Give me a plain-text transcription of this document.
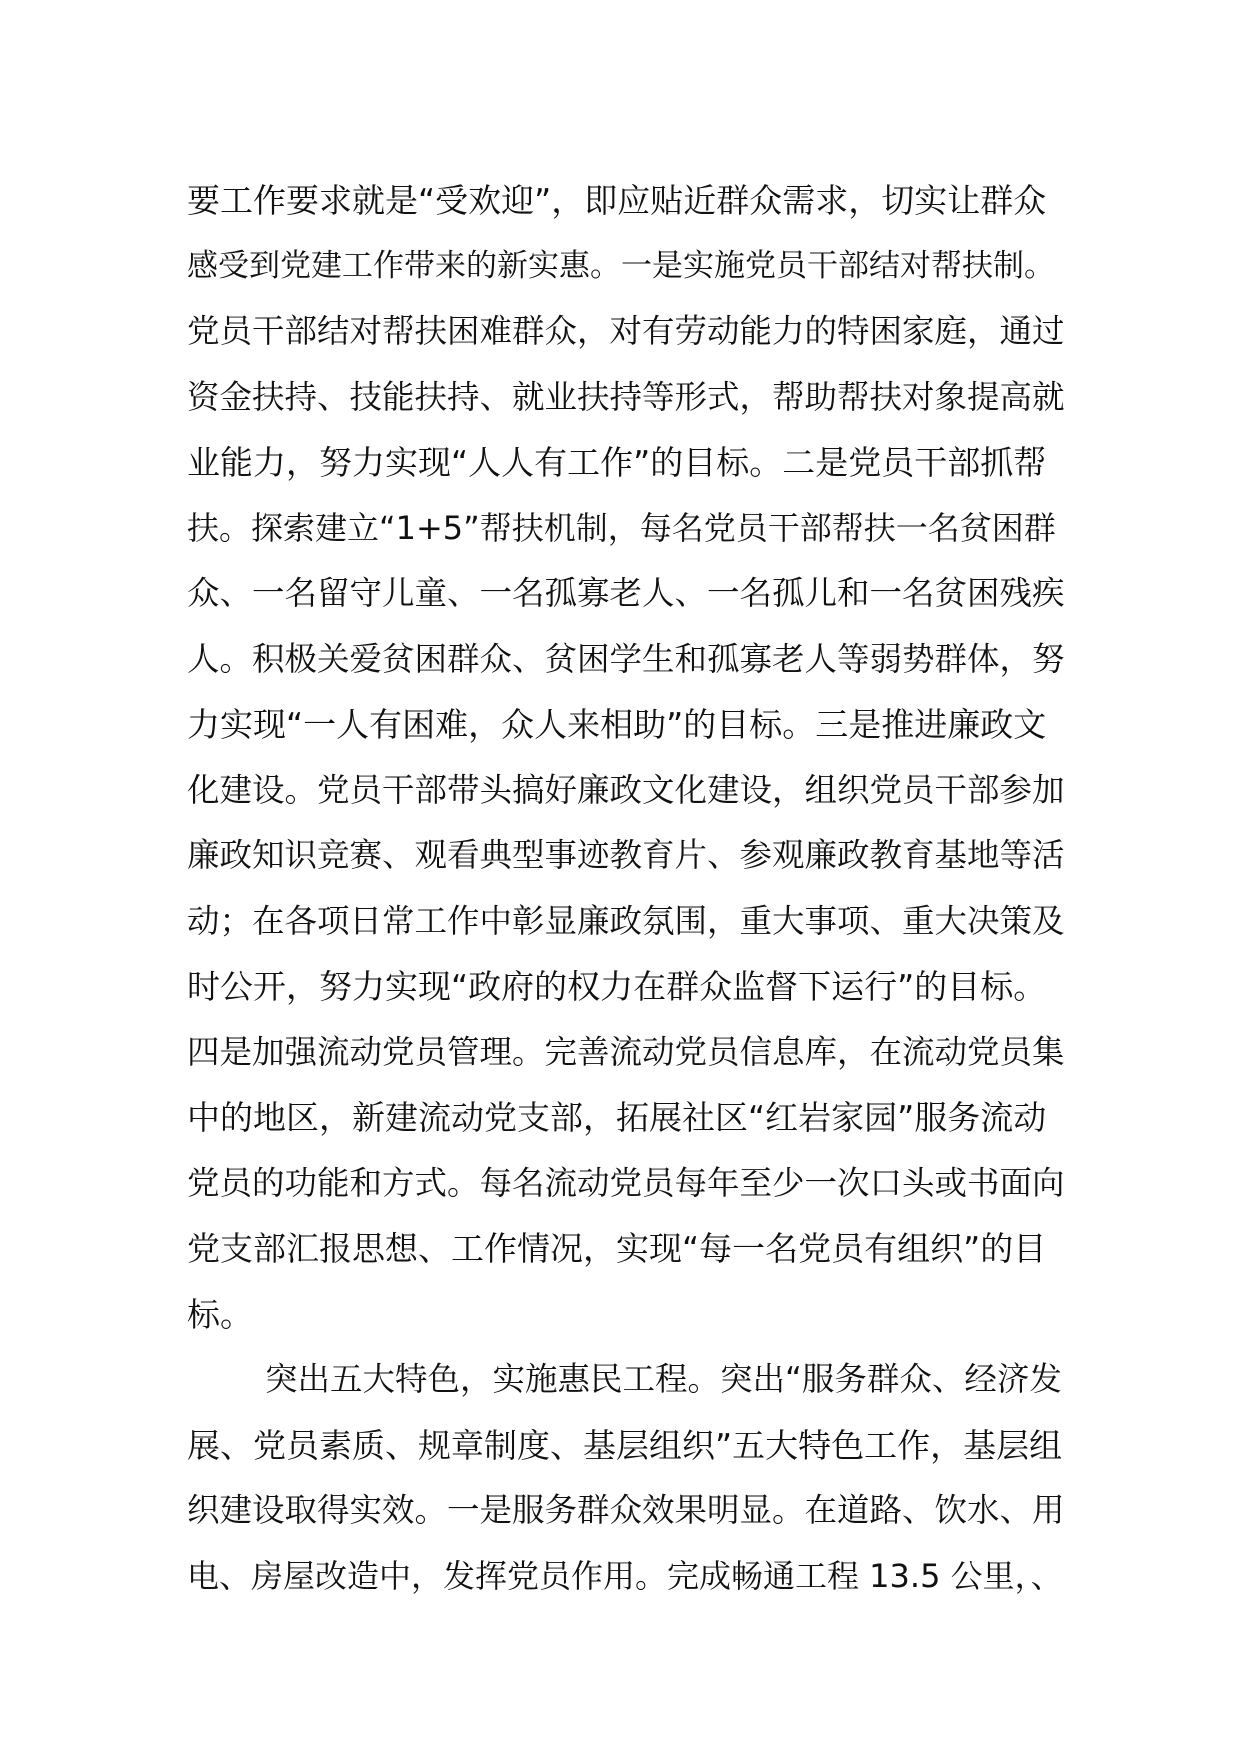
要工作要求就是“受欢迎”，即应贴近群众需求，切实让群众
感受到党建工作带来的新实惠。一是实施党员干部结对帮扶制。
党员干部结对帮扶困难群众，对有劳动能力的特困家庭，通过
资金扶持、技能扶持、就业扶持等形式，帮助帮扶对象提高就
业能力，努力实现“人人有工作”的目标。二是党员干部抓帮
扶。探索建立“1+5”帮扶机制，每名党员干部帮扶一名贫困群
众、一名留守儿童、一名孤寡老人、一名孤儿和一名贫困残疾
人。积极关爱贫困群众、贫困学生和孤寡老人等弱势群体，努
力实现“一人有困难，众人来相助”的目标。三是推进廉政文
化建设。党员干部带头搞好廉政文化建设，组织党员干部参加
廉政知识竞赛、观看典型事迹教育片、参观廉政教育基地等活
动；在各项日常工作中彰显廉政氛围，重大事项、重大决策及
时公开，努力实现“政府的权力在群众监督下运行”的目标。
四是加强流动党员管理。完善流动党员信息库，在流动党员集
中的地区，新建流动党支部，拓展社区“红岩家园”服务流动
党员的功能和方式。每名流动党员每年至少一次口头或书面向
党支部汇报思想、工作情况，实现“每一名党员有组织”的目
标。
突出五大特色，实施惠民工程。突出“服务群众、经济发
展、党员素质、规章制度、基层组织”五大特色工作，基层组
织建设取得实效。一是服务群众效果明显。在道路、饮水、用
电、房屋改造中，发挥党员作用。完成畅通工程 13.5 公里，、
